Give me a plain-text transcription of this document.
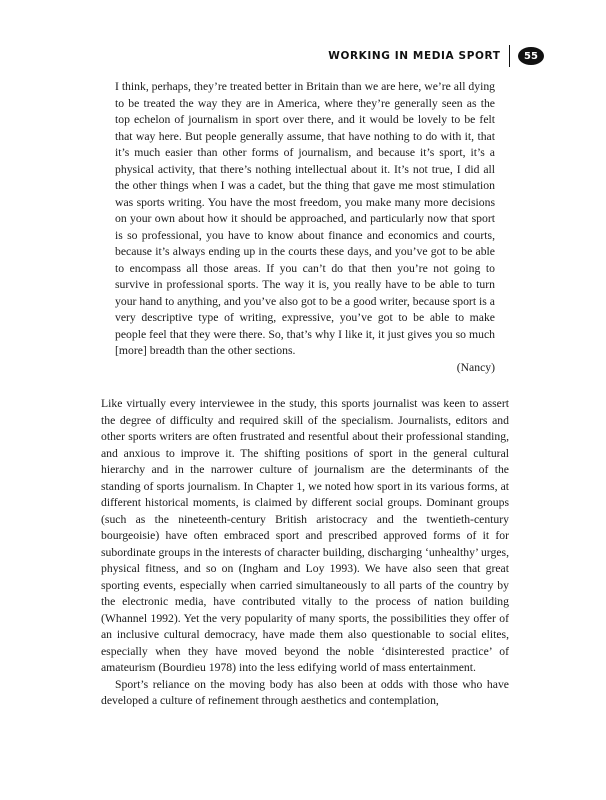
WORKING IN MEDIA SPORT	55

I think, perhaps, they’re treated better in Britain than we are here, we’re all dying to be treated the way they are in America, where they’re generally seen as the top echelon of journalism in sport over there, and it would be lovely to be felt that way here. But people generally assume, that have nothing to do with it, that it’s much easier than other forms of journalism, and because it’s sport, it’s a physical activity, that there’s nothing intellectual about it. It’s not true, I did all the other things when I was a cadet, but the thing that gave me most stimulation was sports writing. You have the most freedom, you make many more decisions on your own about how it should be approached, and particularly now that sport is so professional, you have to know about finance and economics and courts, because it’s always ending up in the courts these days, and you’ve got to be able to encompass all those areas. If you can’t do that then you’re not going to survive in professional sports. The way it is, you really have to be able to turn your hand to anything, and you’ve also got to be a good writer, because sport is a very descriptive type of writing, expressive, you’ve got to be able to make people feel that they were there. So, that’s why I like it, it just gives you so much [more] breadth than the other sections.

(Nancy)

Like virtually every interviewee in the study, this sports journalist was keen to assert the degree of difficulty and required skill of the specialism. Journalists, editors and other sports writers are often frustrated and resentful about their professional standing, and anxious to improve it. The shifting positions of sport in the general cultural hierarchy and in the narrower culture of journalism are the determinants of the standing of sports journalism. In Chapter 1, we noted how sport in its various forms, at different historical moments, is claimed by different social groups. Dominant groups (such as the nineteenth-century British aristocracy and the twentieth-century bourgeoisie) have often embraced sport and prescribed approved forms of it for subordinate groups in the interests of character building, discharging ‘unhealthy’ urges, physical fitness, and so on (Ingham and Loy 1993). We have also seen that great sporting events, especially when carried simultaneously to all parts of the country by the electronic media, have contributed vitally to the process of nation building (Whannel 1992). Yet the very popularity of many sports, the possibilities they offer of an inclusive cultural democracy, have made them also questionable to social elites, especially when they have moved beyond the noble ‘disinterested practice’ of amateurism (Bourdieu 1978) into the less edifying world of mass entertainment.

Sport’s reliance on the moving body has also been at odds with those who have developed a culture of refinement through aesthetics and contemplation,
